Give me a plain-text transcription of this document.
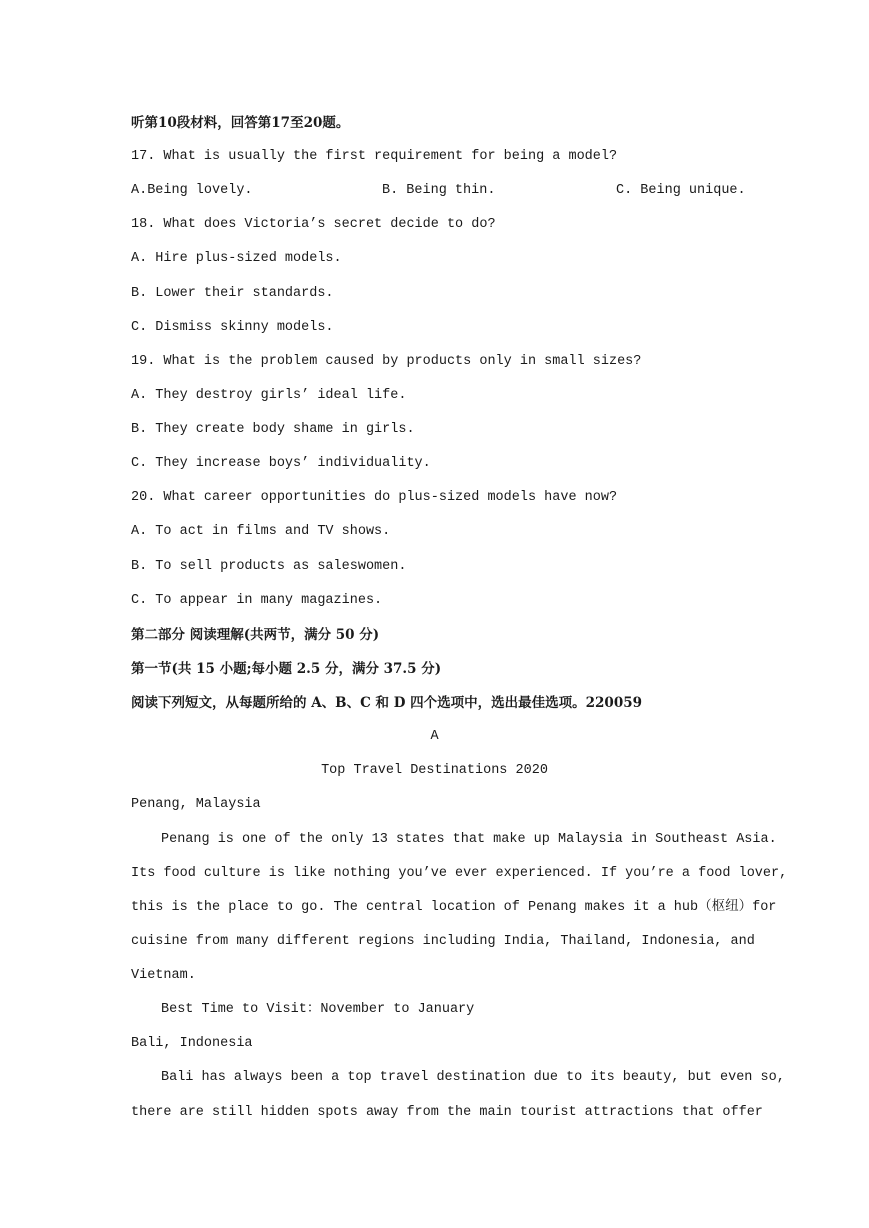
听第10段材料，回答第17至20题。
17. What is usually the first requirement for being a model?
A.Being lovely.	B. Being thin.	C. Being unique.
18. What does Victoria’s secret decide to do?
A. Hire plus-sized models.
B. Lower their standards.
C. Dismiss skinny models.
19. What is the problem caused by products only in small sizes?
A. They destroy girls’ ideal life.
B. They create body shame in girls.
C. They increase boys’ individuality.
20. What career opportunities do plus-sized models have now?
A. To act in films and TV shows.
B. To sell products as saleswomen.
C. To appear in many magazines.
第二部分 阅读理解(共两节，满分 50 分)
第一节(共 15 小题;每小题 2.5 分，满分 37.5 分)
阅读下列短文，从每题所给的 A、B、C 和 D 四个选项中，选出最佳选项。220059
A
Top Travel Destinations 2020
Penang, Malaysia
Penang is one of the only 13 states that make up Malaysia in Southeast Asia.
Its food culture is like nothing you’ve ever experienced. If you’re a food lover,
this is the place to go. The central location of Penang makes it a hub（枢纽）for
cuisine from many different regions including India, Thailand, Indonesia, and
Vietnam.
Best Time to Visit：November to January
Bali, Indonesia
Bali has always been a top travel destination due to its beauty, but even so,
there are still hidden spots away from the main tourist attractions that offer
